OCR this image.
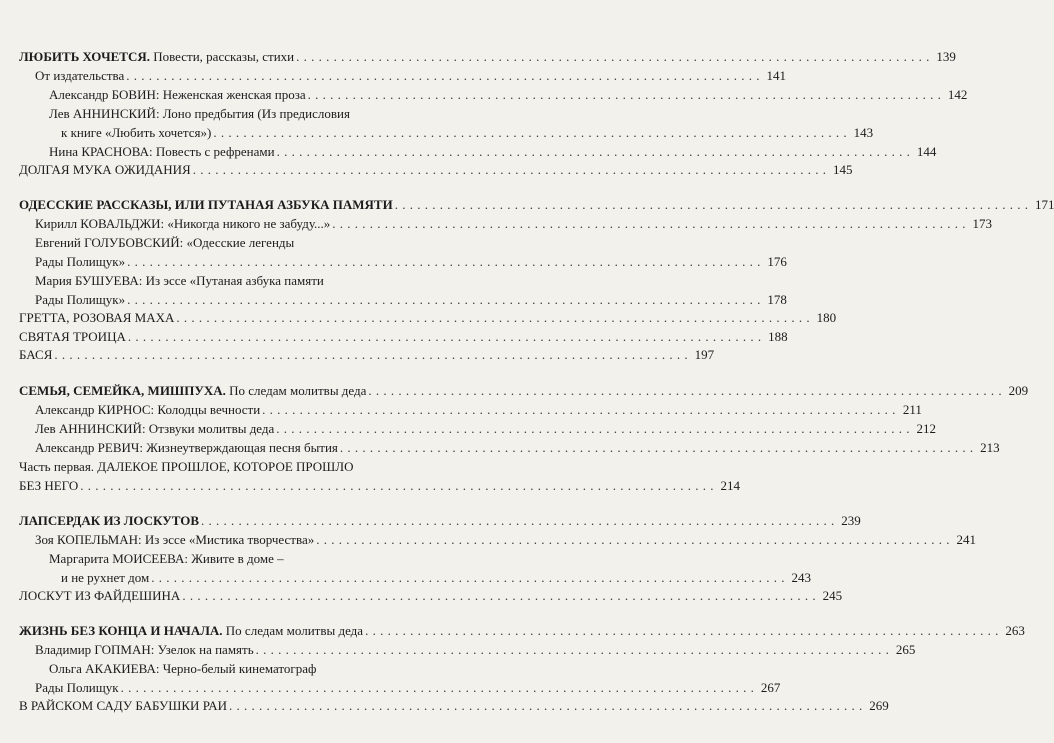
ЛЮБИТЬ ХОЧЕТСЯ. Повести, рассказы, стихи . . .	139
От издательства . . .	141
Александр БОВИН: Неженская женская проза . . .	142
Лев АННИНСКИЙ: Лоно предбытия (Из предисловия
к книге «Любить хочется») . . .	143
Нина КРАСНОВА: Повесть с рефренами . . .	144
ДОЛГАЯ МУКА ОЖИДАНИЯ . . .	145
ОДЕССКИЕ РАССКАЗЫ, ИЛИ ПУТАНАЯ АЗБУКА ПАМЯТИ . . .	171
Кирилл КОВАЛЬДЖИ: «Никогда никого не забуду...» . . .	173
Евгений ГОЛУБОВСКИЙ: «Одесские легенды
Рады Полищук» . . .	176
Мария БУШУЕВА: Из эссе «Путаная азбука памяти
Рады Полищук» . . .	178
ГРЕТТА, РОЗОВАЯ МАХА . . .	180
СВЯТАЯ ТРОИЦА . . .	188
БАСЯ . . .	197
СЕМЬЯ, СЕМЕЙКА, МИШПУХА. По следам молитвы деда . . .	209
Александр КИРНОС: Колодцы вечности . . .	211
Лев АННИНСКИЙ: Отзвуки молитвы деда . . .	212
Александр РЕВИЧ: Жизнеутверждающая песня бытия . . .	213
Часть первая. ДАЛЕКОЕ ПРОШЛОЕ, КОТОРОЕ ПРОШЛО
БЕЗ НЕГО . . .	214
ЛАПСЕРДАК ИЗ ЛОСКУТОВ . . .	239
Зоя КОПЕЛЬМАН: Из эссе «Мистика творчества» . . .	241
Маргарита МОИСЕЕВА: Живите в доме –
и не рухнет дом . . .	243
ЛОСКУТ ИЗ ФАЙДЕШИНА . . .	245
ЖИЗНЬ БЕЗ КОНЦА И НАЧАЛА. По следам молитвы деда . . .	263
Владимир ГОПМАН: Узелок на память . . .	265
Ольга АКАКИЕВА: Черно-белый кинематограф
Рады Полищук . . .	267
В РАЙСКОМ САДУ БАБУШКИ РАИ . . .	269
